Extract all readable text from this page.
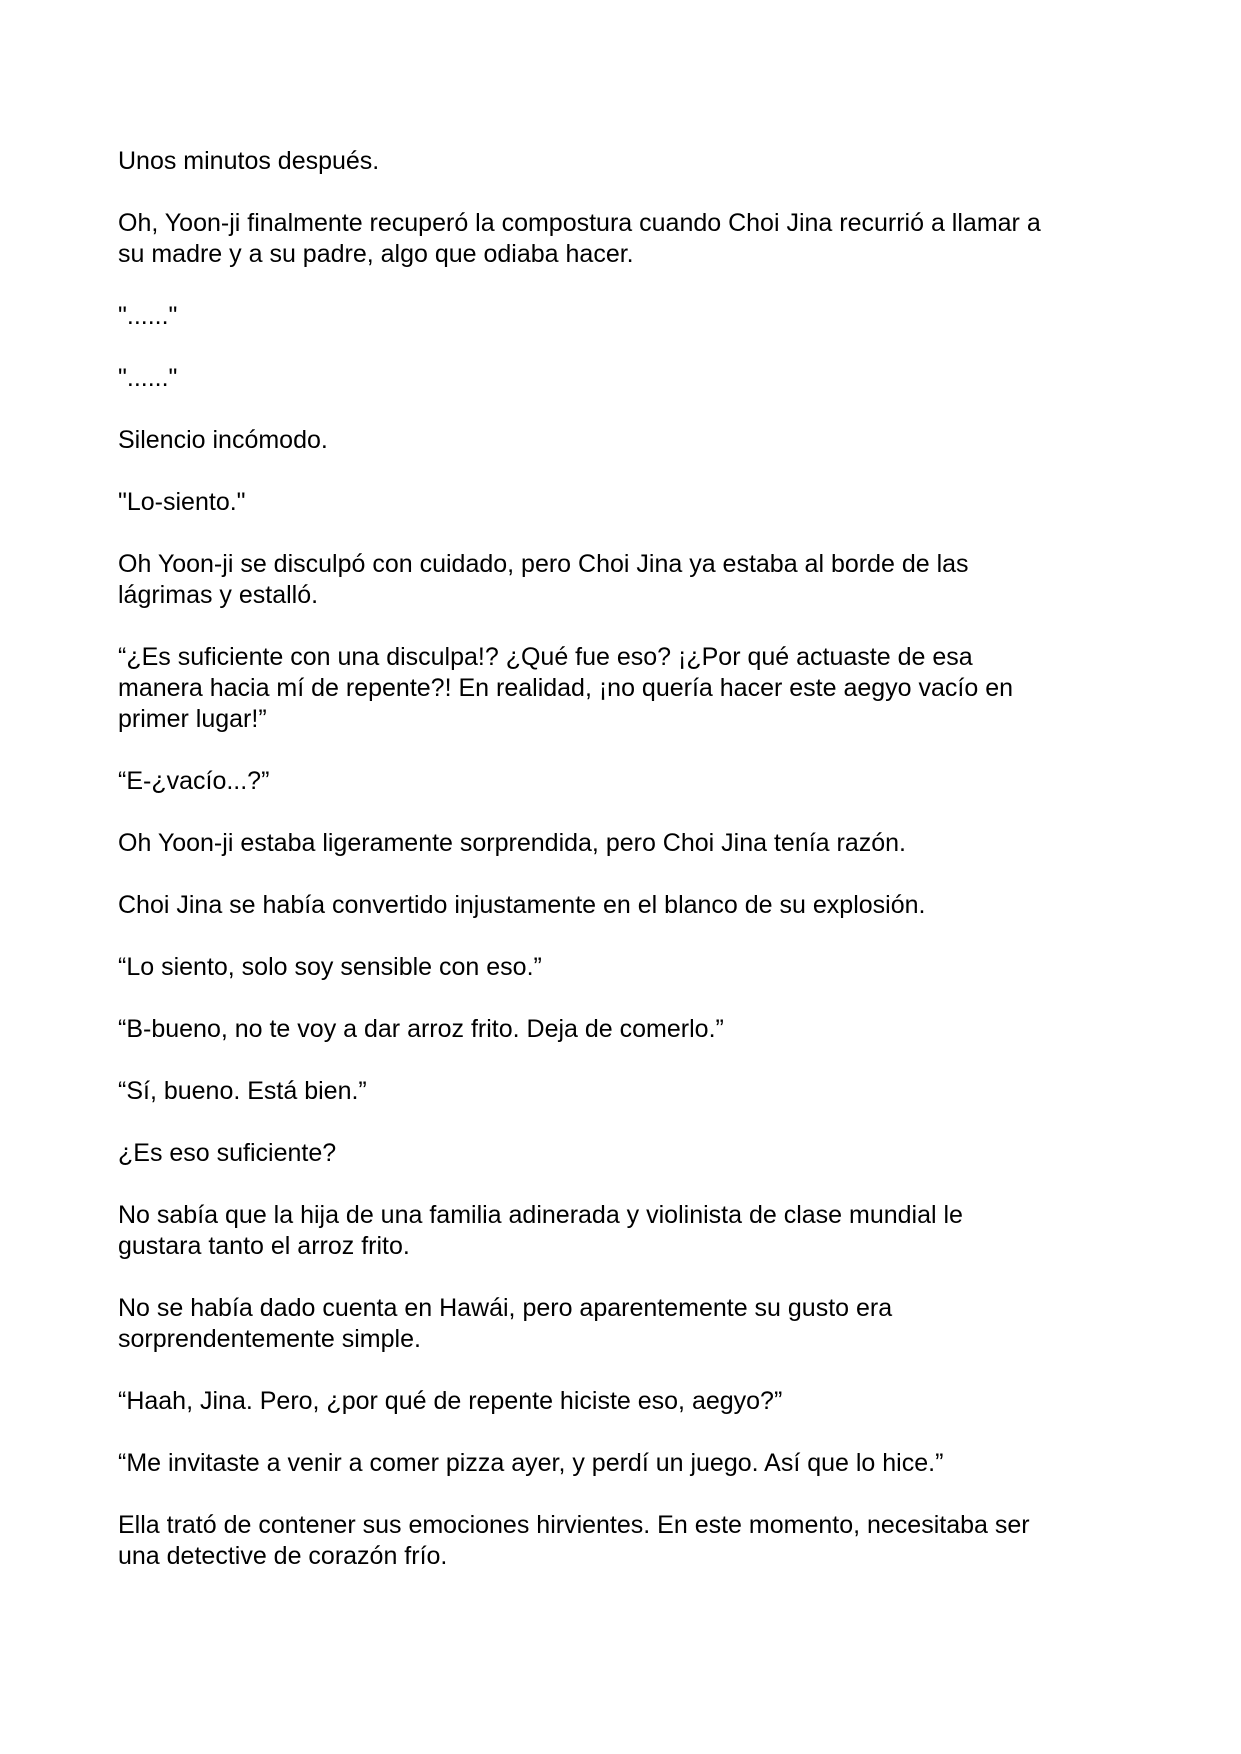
Unos minutos después.

Oh, Yoon-ji finalmente recuperó la compostura cuando Choi Jina recurrió a llamar a
su madre y a su padre, algo que odiaba hacer.

"......"

"......"

Silencio incómodo.

"Lo-siento."

Oh Yoon-ji se disculpó con cuidado, pero Choi Jina ya estaba al borde de las
lágrimas y estalló.

“¿Es suficiente con una disculpa!? ¿Qué fue eso? ¡¿Por qué actuaste de esa
manera hacia mí de repente?! En realidad, ¡no quería hacer este aegyo vacío en
primer lugar!”

“E-¿vacío...?”

Oh Yoon-ji estaba ligeramente sorprendida, pero Choi Jina tenía razón.

Choi Jina se había convertido injustamente en el blanco de su explosión.

“Lo siento, solo soy sensible con eso.”

“B-bueno, no te voy a dar arroz frito. Deja de comerlo.”

“Sí, bueno. Está bien.”

¿Es eso suficiente?

No sabía que la hija de una familia adinerada y violinista de clase mundial le
gustara tanto el arroz frito.

No se había dado cuenta en Hawái, pero aparentemente su gusto era
sorprendentemente simple.

“Haah, Jina. Pero, ¿por qué de repente hiciste eso, aegyo?”

“Me invitaste a venir a comer pizza ayer, y perdí un juego. Así que lo hice.”

Ella trató de contener sus emociones hirvientes. En este momento, necesitaba ser
una detective de corazón frío.
